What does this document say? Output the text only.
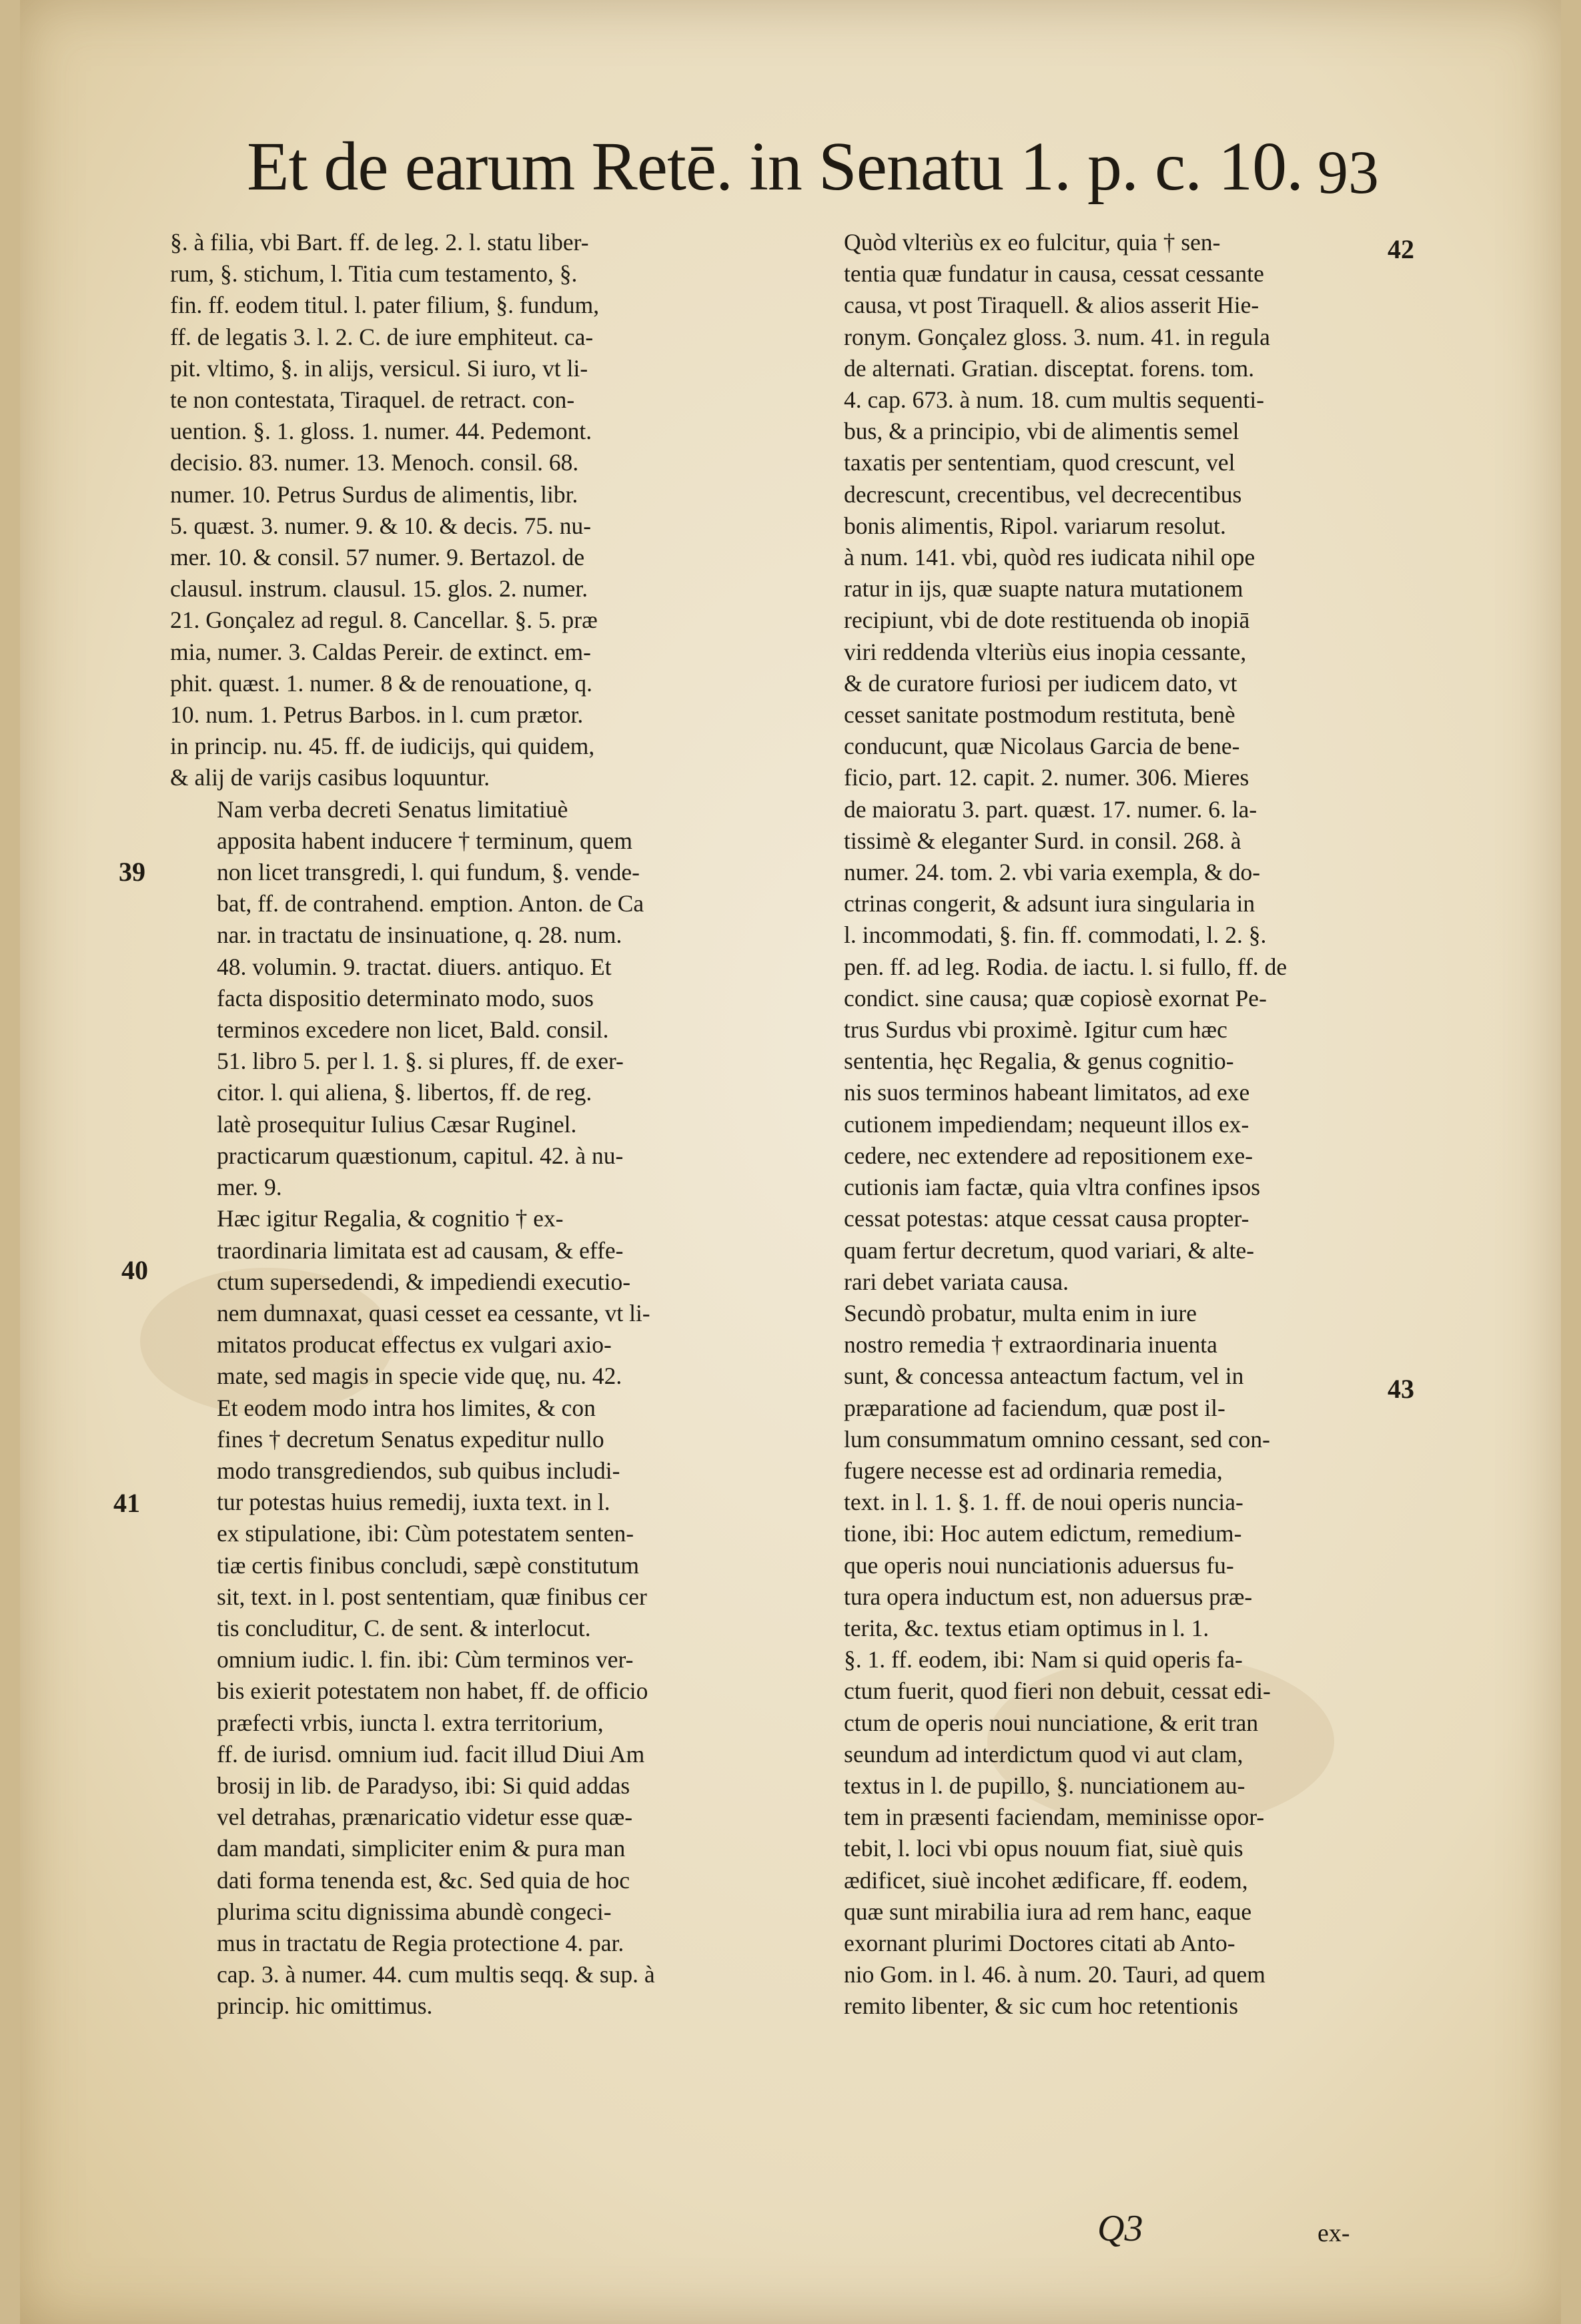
Et de earum Retē. in Senatu 1. p. c. 10. 93

§. à filia, vbi Bart. ff. de leg. 2. l. statu liber-
rum, §. stichum, l. Titia cum testamento, §.
fin. ff. eodem titul. l. pater filium, §. fundum,
ff. de legatis 3. l. 2. C. de iure emphiteut. ca-
pit. vltimo, §. in alijs, versicul. Si iuro, vt li-
te non contestata, Tiraquel. de retract. con-
uention. §. 1. gloss. 1. numer. 44. Pedemont.
decisio. 83. numer. 13. Menoch. consil. 68.
numer. 10. Petrus Surdus de alimentis, libr.
5. quæst. 3. numer. 9. & 10. & decis. 75. nu-
mer. 10. & consil. 57 numer. 9. Bertazol. de
clausul. instrum. clausul. 15. glos. 2. numer.
21. Gonçalez ad regul. 8. Cancellar. §. 5. præ
mia, numer. 3. Caldas Pereir. de extinct. em-
phit. quæst. 1. numer. 8 & de renouatione, q.
10. num. 1. Petrus Barbos. in l. cum prætor.
in princip. nu. 45. ff. de iudicijs, qui quidem,
& alij de varijs casibus loquuntur.

Nam verba decreti Senatus limitatiuè
apposita habent inducere † terminum, quem
non licet transgredi, l. qui fundum, §. vende-
bat, ff. de contrahend. emption. Anton. de Ca
nar. in tractatu de insinuatione, q. 28. num.
48. volumin. 9. tractat. diuers. antiquo. Et
facta dispositio determinato modo, suos
terminos excedere non licet, Bald. consil.
51. libro 5. per l. 1. §. si plures, ff. de exer-
citor. l. qui aliena, §. libertos, ff. de reg.
latè prosequitur Iulius Cæsar Ruginel.
practicarum quæstionum, capitul. 42. à nu-
mer. 9.

Hæc igitur Regalia, & cognitio † ex-
traordinaria limitata est ad causam, & effe-
ctum supersedendi, & impediendi executio-
nem dumnaxat, quasi cesset ea cessante, vt li-
mitatos producat effectus ex vulgari axio-
mate, sed magis in specie vide quę, nu. 42.

Et eodem modo intra hos limites, & con
fines † decretum Senatus expeditur nullo
modo transgrediendos, sub quibus includi-
tur potestas huius remedij, iuxta text. in l.
ex stipulatione, ibi: Cùm potestatem senten-
tiæ certis finibus concludi, sæpè constitutum
sit, text. in l. post sententiam, quæ finibus cer
tis concluditur, C. de sent. & interlocut.
omnium iudic. l. fin. ibi: Cùm terminos ver-
bis exierit potestatem non habet, ff. de officio
præfecti vrbis, iuncta l. extra territorium,
ff. de iurisd. omnium iud. facit illud Diui Am
brosij in lib. de Paradyso, ibi: Si quid addas
vel detrahas, prænaricatio videtur esse quæ-
dam mandati, simpliciter enim & pura man
dati forma tenenda est, &c. Sed quia de hoc
plurima scitu dignissima abundè congeci-
mus in tractatu de Regia protectione 4. par.
cap. 3. à numer. 44. cum multis seqq. & sup. à
princip. hic omittimus.

Quòd vlteriùs ex eo fulcitur, quia † sen-
tentia quæ fundatur in causa, cessat cessante
causa, vt post Tiraquell. & alios asserit Hie-
ronym. Gonçalez gloss. 3. num. 41. in regula
de alternati. Gratian. disceptat. forens. tom.
4. cap. 673. à num. 18. cum multis sequenti-
bus, & a principio, vbi de alimentis semel
taxatis per sententiam, quod crescunt, vel
decrescunt, crecentibus, vel decrecentibus
bonis alimentis, Ripol. variarum resolut.
à num. 141. vbi, quòd res iudicata nihil ope
ratur in ijs, quæ suapte natura mutationem
recipiunt, vbi de dote restituenda ob inopiā
viri reddenda vlteriùs eius inopia cessante,
& de curatore furiosi per iudicem dato, vt
cesset sanitate postmodum restituta, benè
conducunt, quæ Nicolaus Garcia de bene-
ficio, part. 12. capit. 2. numer. 306. Mieres
de maioratu 3. part. quæst. 17. numer. 6. la-
tissimè & eleganter Surd. in consil. 268. à
numer. 24. tom. 2. vbi varia exempla, & do-
ctrinas congerit, & adsunt iura singularia in
l. incommodati, §. fin. ff. commodati, l. 2. §.
pen. ff. ad leg. Rodia. de iactu. l. si fullo, ff. de
condict. sine causa; quæ copiosè exornat Pe-
trus Surdus vbi proximè. Igitur cum hæc
sententia, hęc Regalia, & genus cognitio-
nis suos terminos habeant limitatos, ad exe
cutionem impediendam; nequeunt illos ex-
cedere, nec extendere ad repositionem exe-
cutionis iam factæ, quia vltra confines ipsos
cessat potestas: atque cessat causa propter-
quam fertur decretum, quod variari, & alte-
rari debet variata causa.

Secundò probatur, multa enim in iure
nostro remedia † extraordinaria inuenta
sunt, & concessa anteactum factum, vel in
præparatione ad faciendum, quæ post il-
lum consummatum omnino cessant, sed con-
fugere necesse est ad ordinaria remedia,
text. in l. 1. §. 1. ff. de noui operis nuncia-
tione, ibi: Hoc autem edictum, remedium-
que operis noui nunciationis aduersus fu-
tura opera inductum est, non aduersus præ-
terita, &c. textus etiam optimus in l. 1.
§. 1. ff. eodem, ibi: Nam si quid operis fa-
ctum fuerit, quod fieri non debuit, cessat edi-
ctum de operis noui nunciatione, & erit tran
seundum ad interdictum quod vi aut clam,
textus in l. de pupillo, §. nunciationem au-
tem in præsenti faciendam, meminisse opor-
tebit, l. loci vbi opus nouum fiat, siuè quis
ædificet, siuè incohet ædificare, ff. eodem,
quæ sunt mirabilia iura ad rem hanc, eaque
exornant plurimi Doctores citati ab Anto-
nio Gom. in l. 46. à num. 20. Tauri, ad quem
remito libenter, & sic cum hoc retentionis

39
40
41
42
43
Q3	ex-
